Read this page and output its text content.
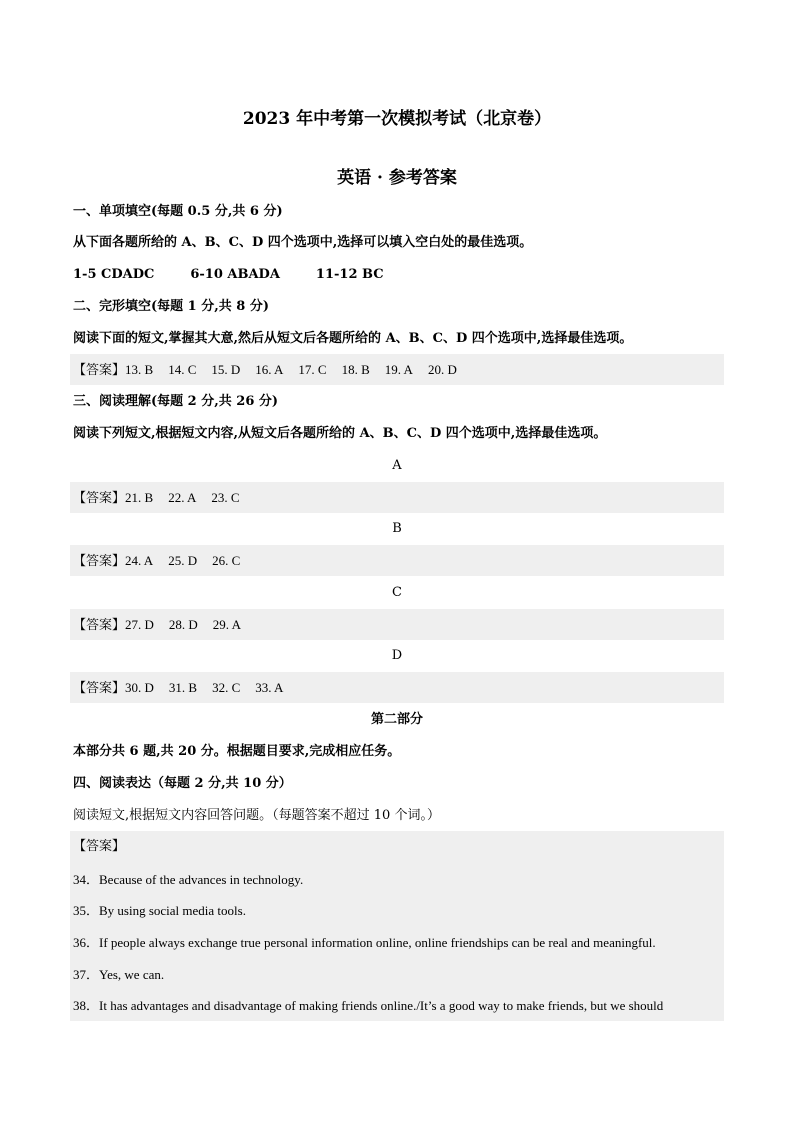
2023 年中考第一次模拟考试（北京卷）
英语 · 参考答案
一、单项填空(每题 0.5 分,共 6 分)
从下面各题所给的 A、B、C、D 四个选项中,选择可以填入空白处的最佳选项。
1-5 CDADC	6-10 ABADA	11-12 BC
二、完形填空(每题 1 分,共 8 分)
阅读下面的短文,掌握其大意,然后从短文后各题所给的 A、B、C、D 四个选项中,选择最佳选项。
【答案】13. B 14. C 15. D 16. A 17. C 18. B 19. A 20. D
三、阅读理解(每题 2 分,共 26 分)
阅读下列短文,根据短文内容,从短文后各题所给的 A、B、C、D 四个选项中,选择最佳选项。
A
【答案】21. B 22. A 23. C
B
【答案】24. A 25. D 26. C
C
【答案】27. D 28. D 29. A
D
【答案】30. D 31. B 32. C 33. A
第二部分
本部分共 6 题,共 20 分。根据题目要求,完成相应任务。
四、阅读表达（每题 2 分,共 10 分）
阅读短文,根据短文内容回答问题。（每题答案不超过 10 个词。）
【答案】
34．Because of the advances in technology.
35．By using social media tools.
36．If people always exchange true personal information online, online friendships can be real and meaningful.
37．Yes, we can.
38．It has advantages and disadvantage of making friends online./It’s a good way to make friends, but we should
